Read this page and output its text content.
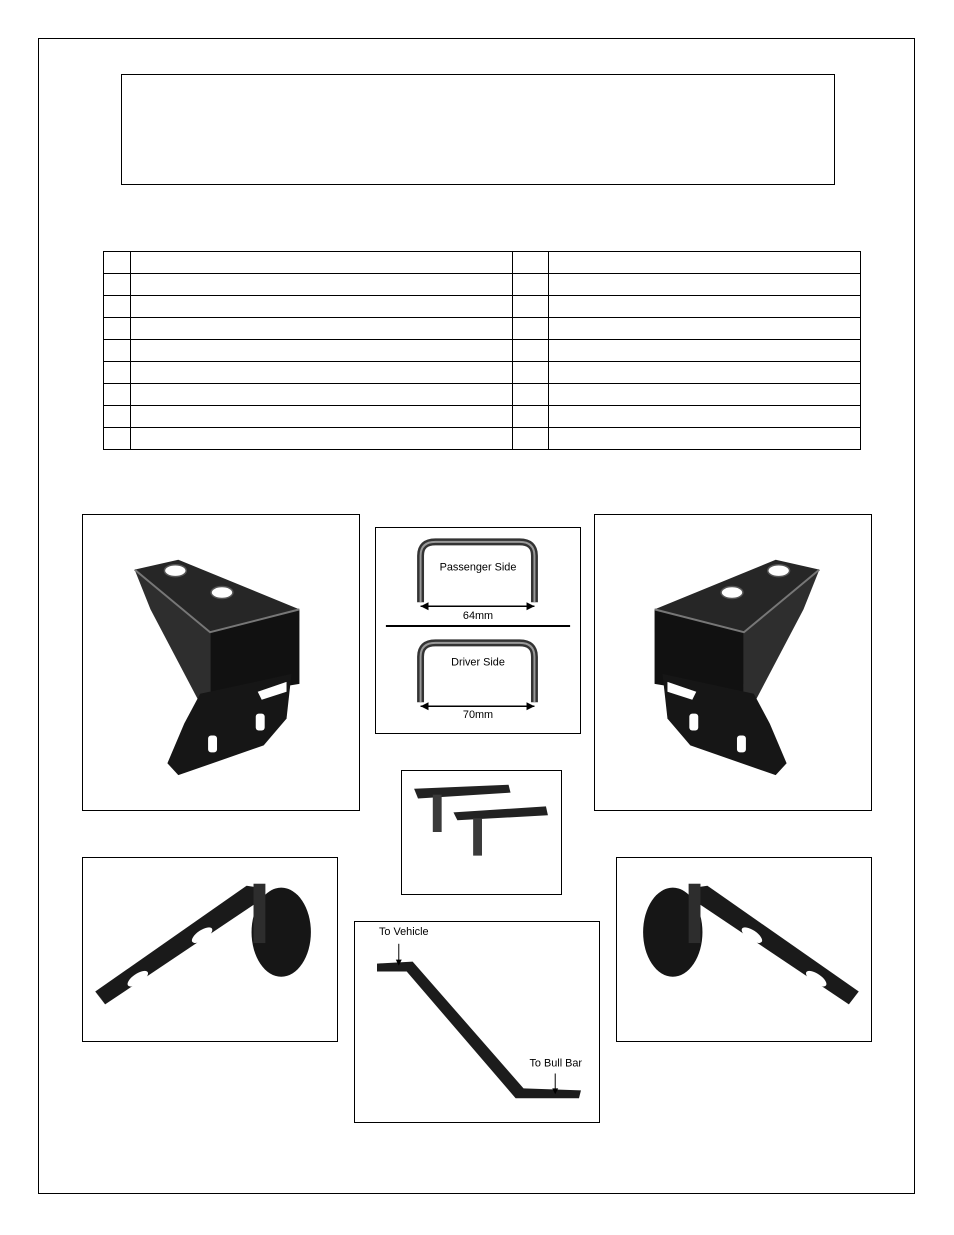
Passenger Side
64mm
Driver Side
70mm
To Vehicle
To Bull Bar
